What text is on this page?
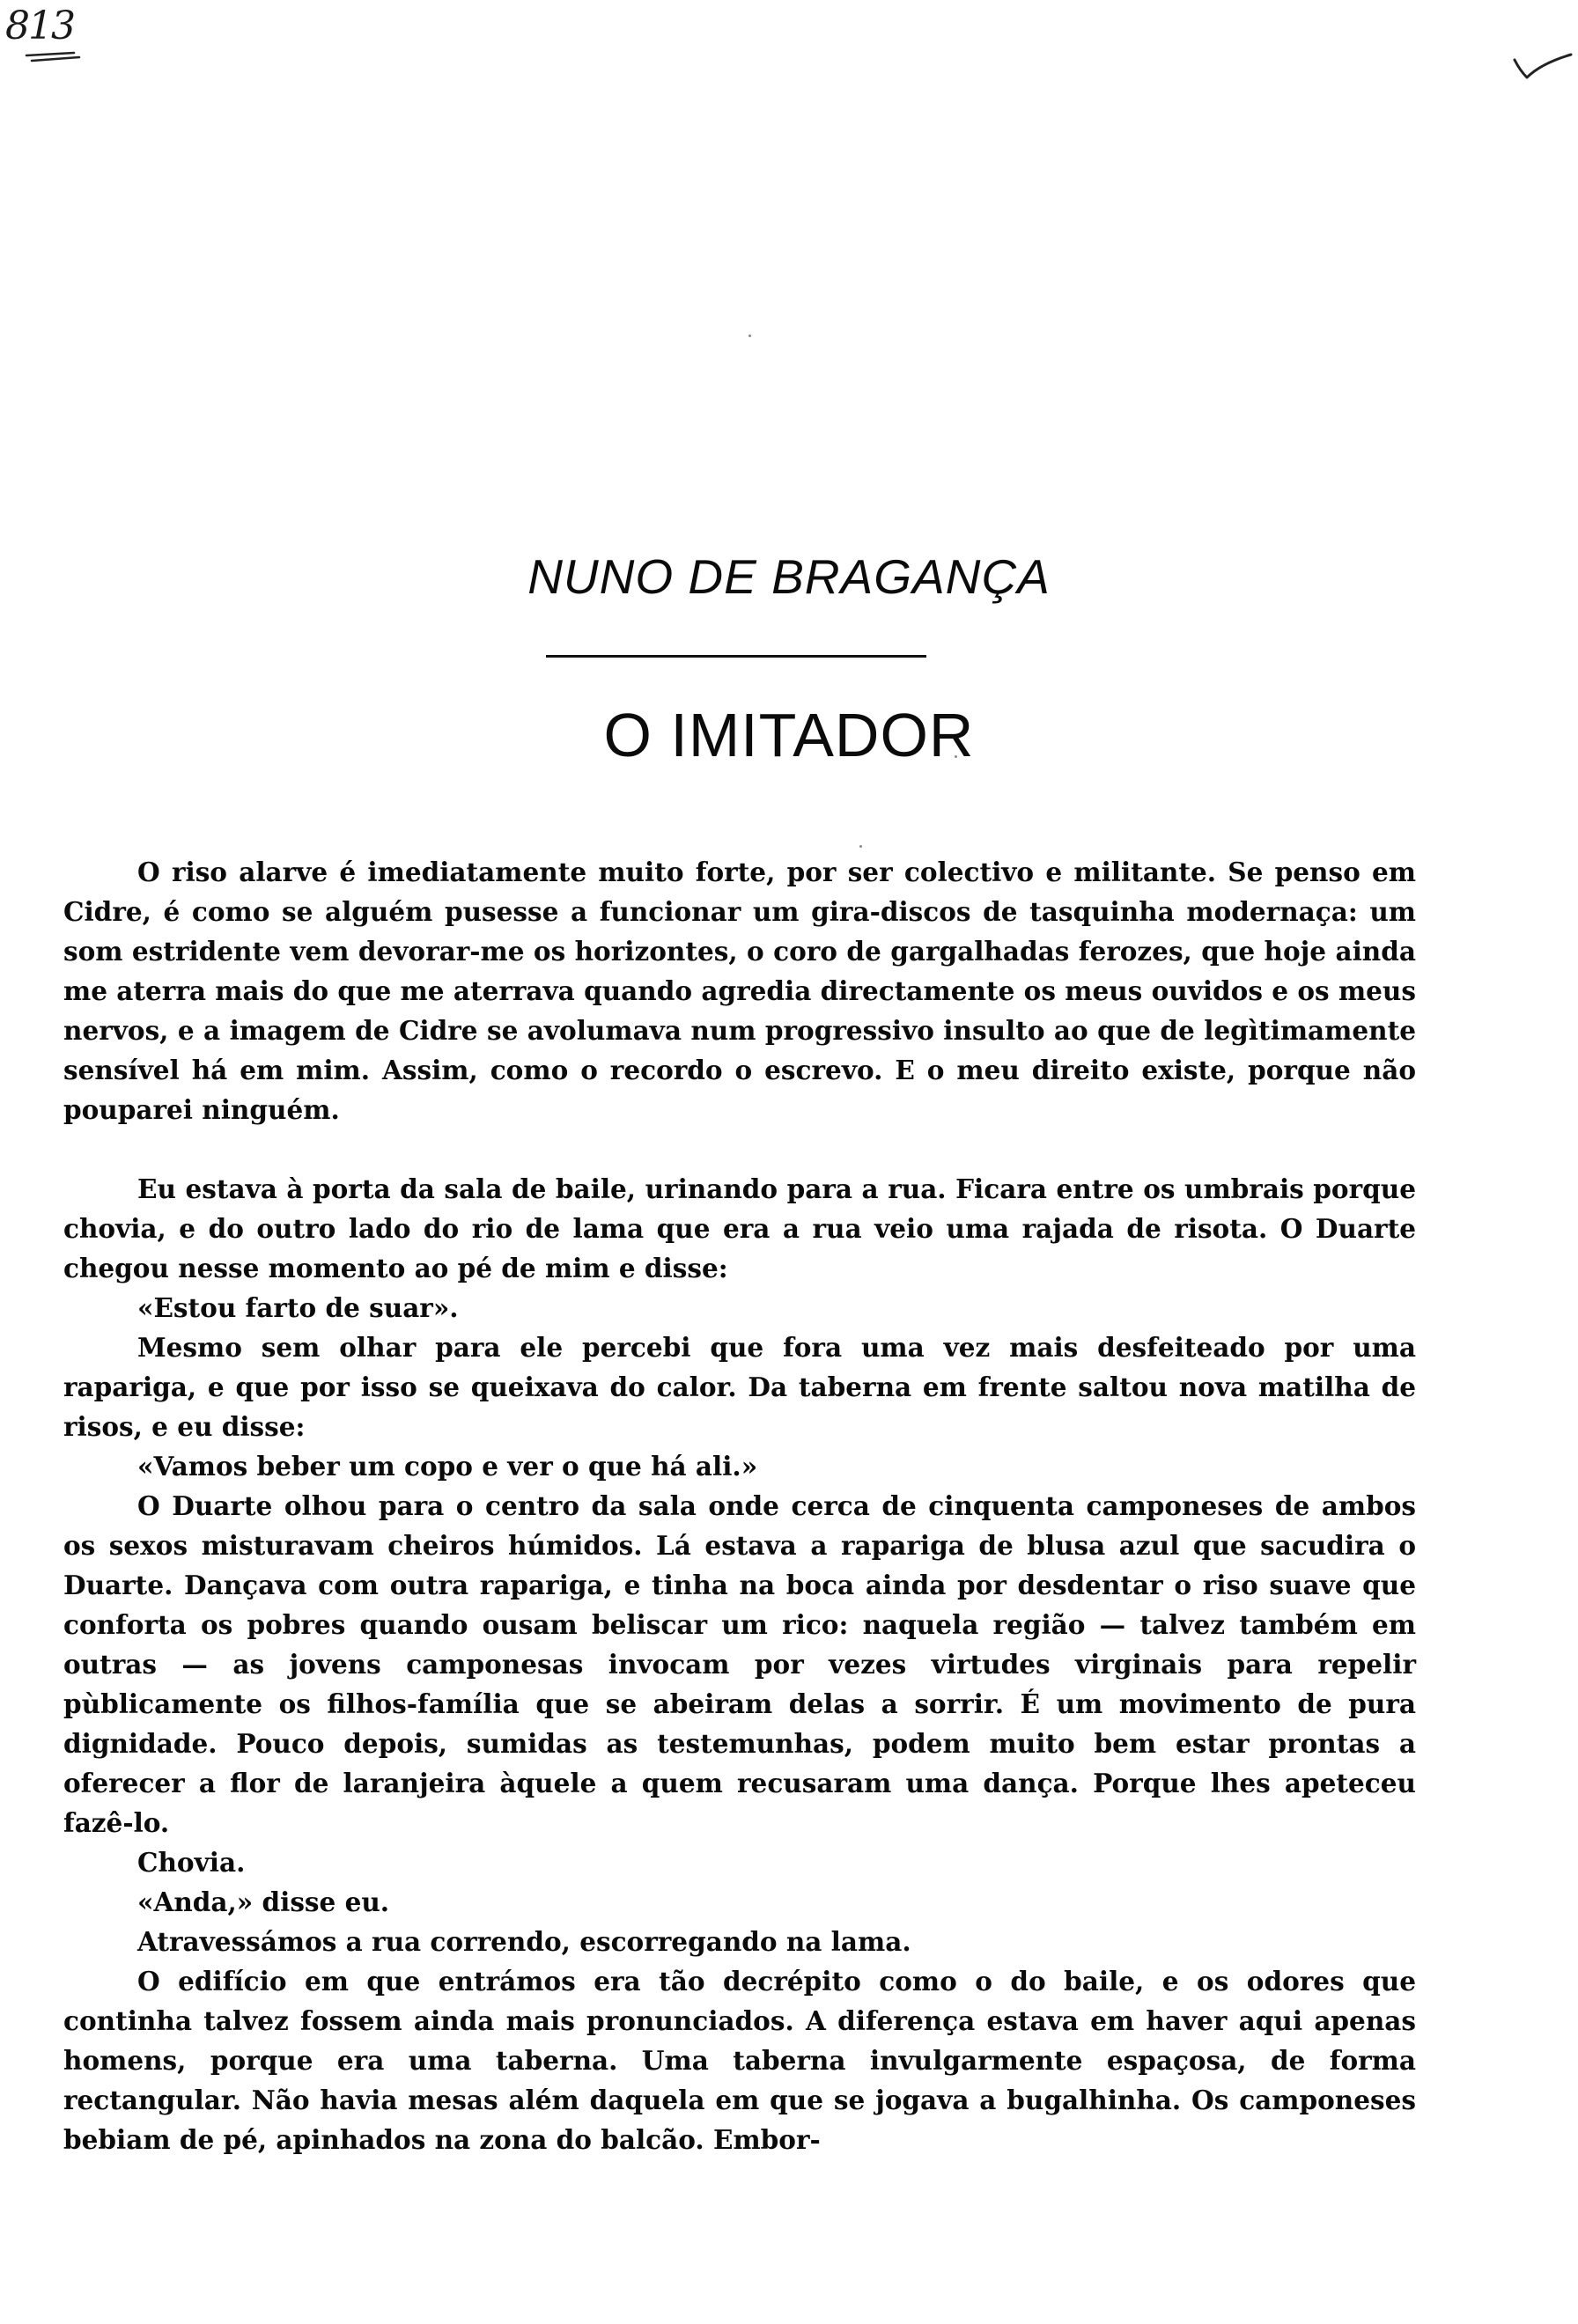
813
NUNO DE BRAGANÇA
O IMITADOR

O riso alarve é imediatamente muito forte, por ser colectivo e militante. Se penso em Cidre, é como se alguém pusesse a funcionar um gira-discos de tasquinha modernaça: um som estridente vem devorar-me os horizontes, o coro de gargalhadas ferozes, que hoje ainda me aterra mais do que me aterrava quando agredia directamente os meus ouvidos e os meus nervos, e a imagem de Cidre se avolumava num progressivo insulto ao que de legìtimamente sensível há em mim. Assim, como o recordo o escrevo. E o meu direito existe, porque não pouparei ninguém.

Eu estava à porta da sala de baile, urinando para a rua. Ficara entre os umbrais porque chovia, e do outro lado do rio de lama que era a rua veio uma rajada de risota. O Duarte chegou nesse momento ao pé de mim e disse:

«Estou farto de suar».

Mesmo sem olhar para ele percebi que fora uma vez mais desfeiteado por uma rapariga, e que por isso se queixava do calor. Da taberna em frente saltou nova matilha de risos, e eu disse:

«Vamos beber um copo e ver o que há ali.»

O Duarte olhou para o centro da sala onde cerca de cinquenta camponeses de ambos os sexos misturavam cheiros húmidos. Lá estava a rapariga de blusa azul que sacudira o Duarte. Dançava com outra rapariga, e tinha na boca ainda por desdentar o riso suave que conforta os pobres quando ousam beliscar um rico: naquela região — talvez também em outras — as jovens camponesas invocam por vezes virtudes virginais para repelir pùblicamente os filhos-família que se abeiram delas a sorrir. É um movimento de pura dignidade. Pouco depois, sumidas as testemunhas, podem muito bem estar prontas a oferecer a flor de laranjeira àquele a quem recusaram uma dança. Porque lhes apeteceu fazê-lo.

Chovia.

«Anda,» disse eu.

Atravessámos a rua correndo, escorregando na lama.

O edifício em que entrámos era tão decrépito como o do baile, e os odores que continha talvez fossem ainda mais pronunciados. A diferença estava em haver aqui apenas homens, porque era uma taberna. Uma taberna invulgarmente espaçosa, de forma rectangular. Não havia mesas além daquela em que se jogava a bugalhinha. Os camponeses bebiam de pé, apinhados na zona do balcão. Embor-
